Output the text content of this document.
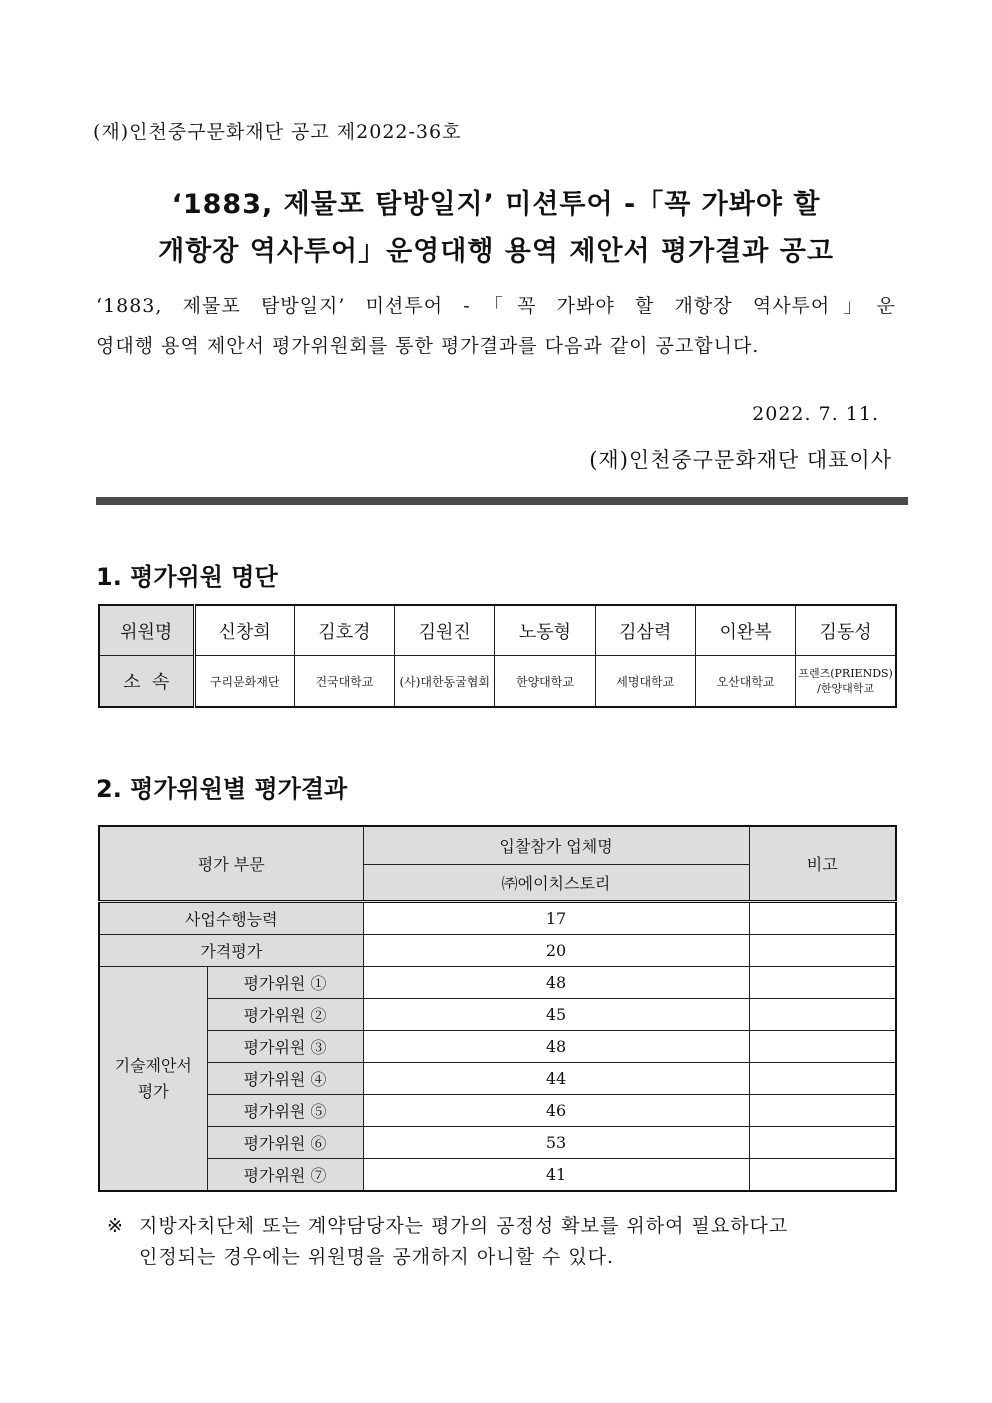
(재)인천중구문화재단 공고 제2022-36호
‘1883, 제물포 탐방일지’ 미션투어 -「꼭 가봐야 할
개항장 역사투어」운영대행 용역 제안서 평가결과 공고
‘1883, 제물포 탐방일지’ 미션투어 -「꼭 가봐야 할 개항장 역사투어」운
영대행 용역 제안서 평가위원회를 통한 평가결과를 다음과 같이 공고합니다.
2022. 7. 11.
(재)인천중구문화재단 대표이사
1. 평가위원 명단
위원명	신창희	김호경	김원진	노동형	김삼력	이완복	김동성
소  속	구리문화재단	건국대학교	(사)대한동굴협회	한양대학교	세명대학교	오산대학교	프렌즈(PRIENDS)
/한양대학교
2. 평가위원별 평가결과
평가 부문		입찰참가 업체명	비고
		㈜에이치스토리	
사업수행능력		17	
가격평가		20	

기술제안서
평가	평가위원 ①	48	
	평가위원 ②	45	
	평가위원 ③	48	
	평가위원 ④	44	
	평가위원 ⑤	46	
	평가위원 ⑥	53	
	평가위원 ⑦	41	
※ 지방자치단체 또는 계약담당자는 평가의 공정성 확보를 위하여 필요하다고
인정되는 경우에는 위원명을 공개하지 아니할 수 있다.
